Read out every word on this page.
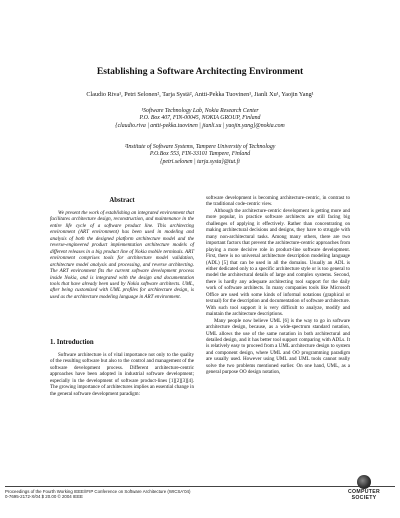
Establishing a Software Architecting Environment
Claudio Riva¹, Petri Selonen², Tarja Systä², Antti-Pekka Tuovinen¹, Jianli Xu¹, Yaojin Yang¹
¹Software Technology Lab, Nokia Research Center
P.O. Box 407, FIN-00045, NOKIA GROUP, Finland
{claudio.riva | antti-pekka.tuovinen | jianli.xu | yaojin.yang}@nokia.com
²Institute of Software Systems, Tampere University of Technology
P.O.Box 553, FIN-33101 Tampere, Finland
{petri.selonen | tarja.systa}@tut.fi
Abstract

We present the work of establishing an integrated environment that facilitates architecture design, reconstruction, and maintenance in the entire life cycle of a software product line. This architecting environment (ART environment) has been used in modeling and analysis of both the designed platform architecture model and the reverse-engineered product implementation architecture models of different releases in a big product line of Nokia mobile terminals. ART environment comprises tools for architecture model validation, architecture model analysis and processing, and reverse architecting. The ART environment fits the current software development process inside Nokia, and is integrated with the design and documentation tools that have already been used by Nokia software architects. UML, after being customized with UML profiles for architecture design, is used as the architecture modeling language in ART environment.

1. Introduction

Software architecture is of vital importance not only to the quality of the resulting software but also to the control and management of the software development process. Different architecture-centric approaches have been adopted in industrial software development; especially in the development of software product-lines [1][2][3][4]. The growing importance of architectures implies an essential change in the general software development paradigm:

software development is becoming architecture-centric, in contrast to the traditional code-centric view.

Although the architecture-centric development is getting more and more popular, in practice software architects are still facing big challenges of applying it effectively. Rather than concentrating on making architectural decisions and designs, they have to struggle with many non-architectural tasks. Among many others, there are two important factors that prevent the architecture-centric approaches from playing a more decisive role in product-line software development. First, there is no universal architecture description modeling language (ADL) [5] that can be used in all the domains. Usually an ADL is either dedicated only to a specific architecture style or is too general to model the architectural details of large and complex systems. Second, there is hardly any adequate architecting tool support for the daily work of software architects. In many companies tools like Microsoft Office are used with some kinds of informal notations (graphical or textual) for the description and documentation of software architecture. With such tool support it is very difficult to analyze, modify and maintain the architecture descriptions.

Many people now believe UML [6] is the way to go in software architecture design, because, as a wide-spectrum standard notation, UML allows the use of the same notation in both architectural and detailed design, and it has better tool support comparing with ADLs. It is relatively easy to proceed from a UML architecture design to system and component design, where UML and OO programming paradigm are usually used. However using UML and UML tools cannot really solve the two problems mentioned earlier. On one hand, UML, as a general purpose OO design notation,

Proceedings of the Fourth Working IEEE/IFIP Conference on Software Architecture (WICSA'04)
0-7695-2172-X/04 $ 20.00 © 2004 IEEE
COMPUTER
SOCIETY
